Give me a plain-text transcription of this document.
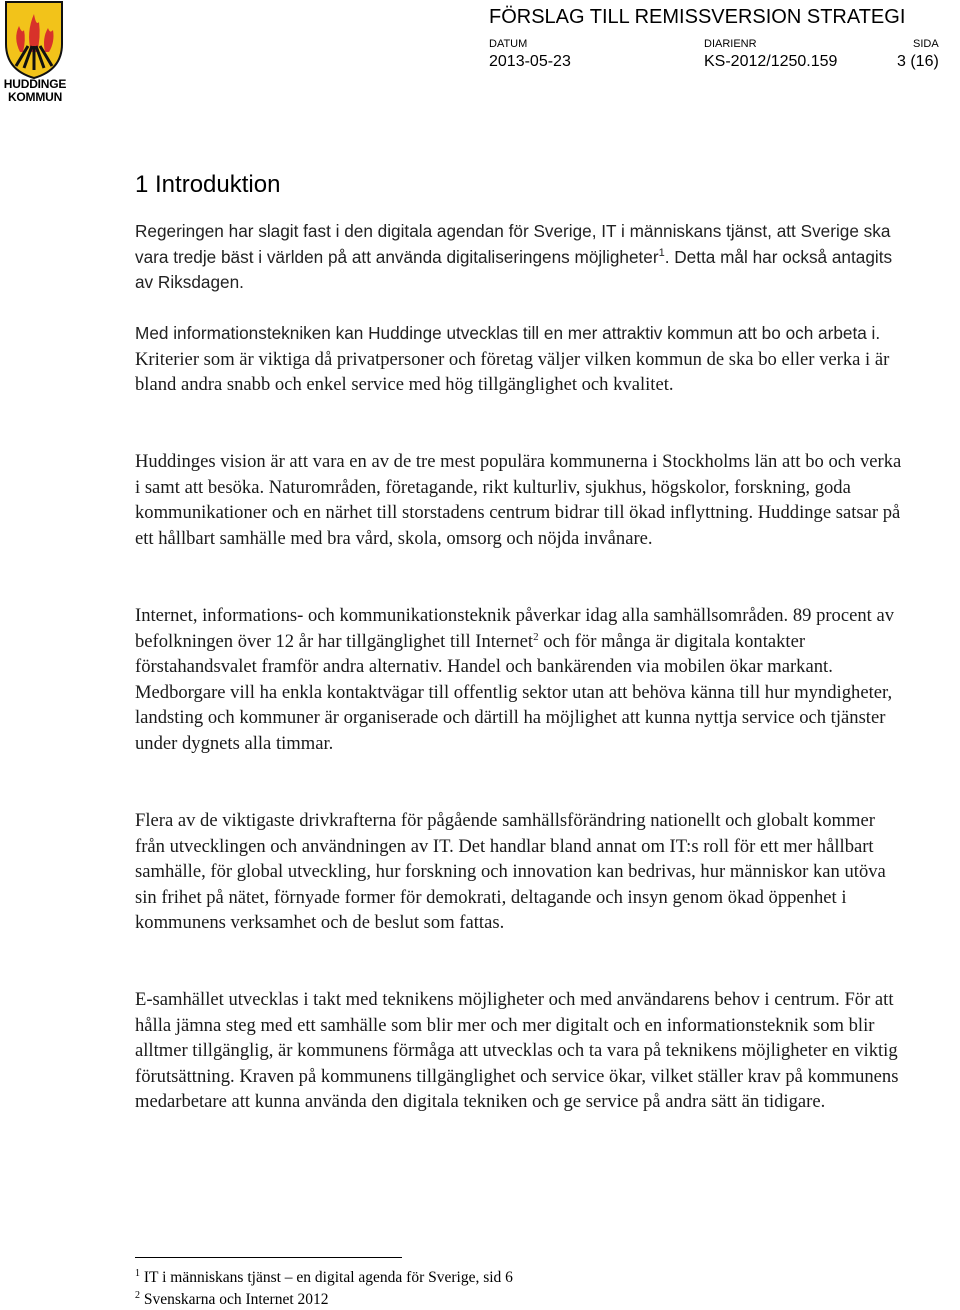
HUDDINGE
KOMMUN
FÖRSLAG TILL REMISSVERSION STRATEGI
DATUM
2013-05-23
DIARIENR
KS-2012/1250.159
SIDA
3 (16)
1 Introduktion

Regeringen har slagit fast i den digitala agendan för Sverige, IT i människans tjänst, att Sverige ska vara tredje bäst i världen på att använda digitaliseringens möjligheter$^1$. Detta mål har också antagits av Riksdagen.

Med informationstekniken kan Huddinge utvecklas till en mer attraktiv kommun att bo och arbeta i. Kriterier som är viktiga då privatpersoner och företag väljer vilken kommun de ska bo eller verka i är bland andra snabb och enkel service med hög tillgänglighet och kvalitet.

Huddinges vision är att vara en av de tre mest populära kommunerna i Stockholms län att bo och verka i samt att besöka. Naturområden, företagande, rikt kulturliv, sjukhus, högskolor, forskning, goda kommunikationer och en närhet till storstadens centrum bidrar till ökad inflyttning. Huddinge satsar på ett hållbart samhälle med bra vård, skola, omsorg och nöjda invånare.

Internet, informations- och kommunikationsteknik påverkar idag alla samhällsområden. 89 procent av befolkningen över 12 år har tillgänglighet till Internet$^2$ och för många är digitala kontakter förstahandsvalet framför andra alternativ. Handel och bankärenden via mobilen ökar markant. Medborgare vill ha enkla kontaktvägar till offentlig sektor utan att behöva känna till hur myndigheter, landsting och kommuner är organiserade och därtill ha möjlighet att kunna nyttja service och tjänster under dygnets alla timmar.

Flera av de viktigaste drivkrafterna för pågående samhällsförändring nationellt och globalt kommer från utvecklingen och användningen av IT. Det handlar bland annat om IT:s roll för ett mer hållbart samhälle, för global utveckling, hur forskning och innovation kan bedrivas, hur människor kan utöva sin frihet på nätet, förnyade former för demokrati, deltagande och insyn genom ökad öppenhet i kommunens verksamhet och de beslut som fattas.

E-samhället utvecklas i takt med teknikens möjligheter och med användarens behov i centrum. För att hålla jämna steg med ett samhälle som blir mer och mer digitalt och en informationsteknik som blir alltmer tillgänglig, är kommunens förmåga att utvecklas och ta vara på teknikens möjligheter en viktig förutsättning. Kraven på kommunens tillgänglighet och service ökar, vilket ställer krav på kommunens medarbetare att kunna använda den digitala tekniken och ge service på andra sätt än tidigare.

$^1$ IT i människans tjänst – en digital agenda för Sverige, sid 6
$^2$ Svenskarna och Internet 2012
